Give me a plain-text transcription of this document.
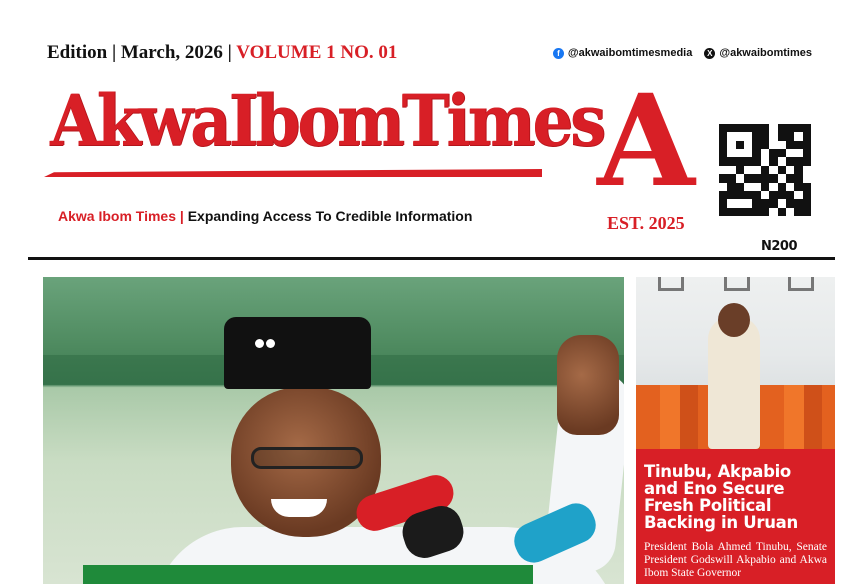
Edition | March, 2026 | VOLUME 1 NO. 01	f @akwaibomtimesmedia	X @akwaibomtimes
AkwaIbomTimes
Akwa Ibom Times | Expanding Access To Credible Information
A
EST. 2025
N200
Tinubu, Akpabio and Eno Secure Fresh Political Backing in Uruan
President Bola Ahmed Tinubu, Senate President Godswill Akpabio and Akwa Ibom State Governor
